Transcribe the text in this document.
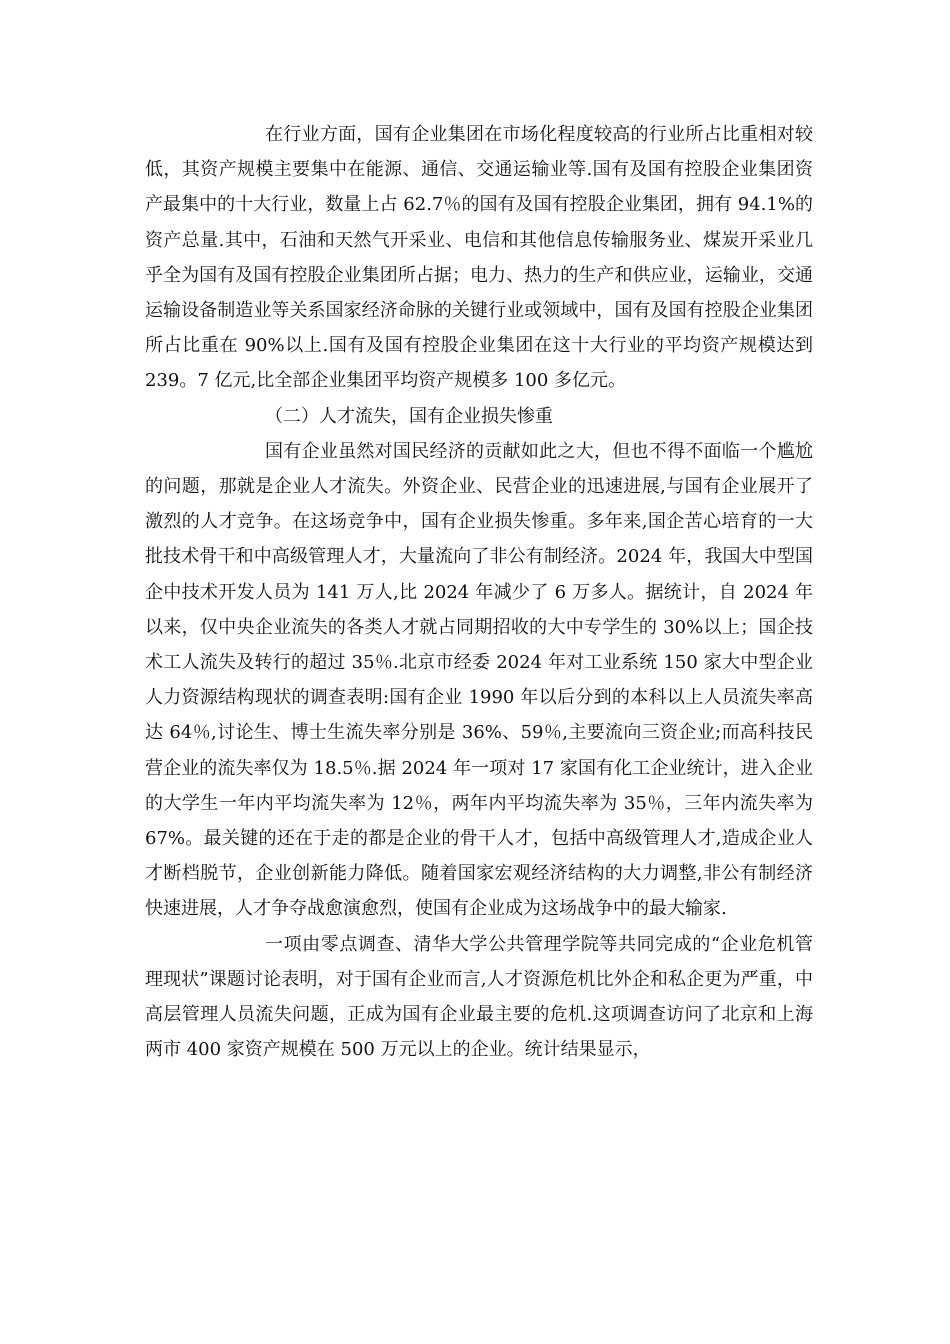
在行业方面，国有企业集团在市场化程度较高的行业所占比重相对较低，其资产规模主要集中在能源、通信、交通运输业等.国有及国有控股企业集团资产最集中的十大行业，数量上占 62.7％的国有及国有控股企业集团，拥有 94.1%的资产总量.其中，石油和天然气开采业、电信和其他信息传输服务业、煤炭开采业几乎全为国有及国有控股企业集团所占据；电力、热力的生产和供应业，运输业，交通运输设备制造业等关系国家经济命脉的关键行业或领域中，国有及国有控股企业集团所占比重在 90%以上.国有及国有控股企业集团在这十大行业的平均资产规模达到 239。7 亿元,比全部企业集团平均资产规模多 100 多亿元。

（二）人才流失，国有企业损失惨重

国有企业虽然对国民经济的贡献如此之大，但也不得不面临一个尴尬的问题，那就是企业人才流失。外资企业、民营企业的迅速进展,与国有企业展开了激烈的人才竞争。在这场竞争中，国有企业损失惨重。多年来,国企苦心培育的一大批技术骨干和中高级管理人才，大量流向了非公有制经济。2024 年，我国大中型国企中技术开发人员为 141 万人,比 2024 年减少了 6 万多人。据统计，自 2024 年以来，仅中央企业流失的各类人才就占同期招收的大中专学生的 30%以上；国企技术工人流失及转行的超过 35％.北京市经委 2024 年对工业系统 150 家大中型企业人力资源结构现状的调查表明:国有企业 1990 年以后分到的本科以上人员流失率高达 64％,讨论生、博士生流失率分别是 36%、59％,主要流向三资企业;而高科技民营企业的流失率仅为 18.5％.据 2024 年一项对 17 家国有化工企业统计，进入企业的大学生一年内平均流失率为 12％，两年内平均流失率为 35％，三年内流失率为 67%。最关键的还在于走的都是企业的骨干人才，包括中高级管理人才,造成企业人才断档脱节，企业创新能力降低。随着国家宏观经济结构的大力调整,非公有制经济快速进展，人才争夺战愈演愈烈，使国有企业成为这场战争中的最大输家.

一项由零点调查、清华大学公共管理学院等共同完成的“企业危机管理现状”课题讨论表明，对于国有企业而言,人才资源危机比外企和私企更为严重，中高层管理人员流失问题，正成为国有企业最主要的危机.这项调查访问了北京和上海两市 400 家资产规模在 500 万元以上的企业。统计结果显示，
